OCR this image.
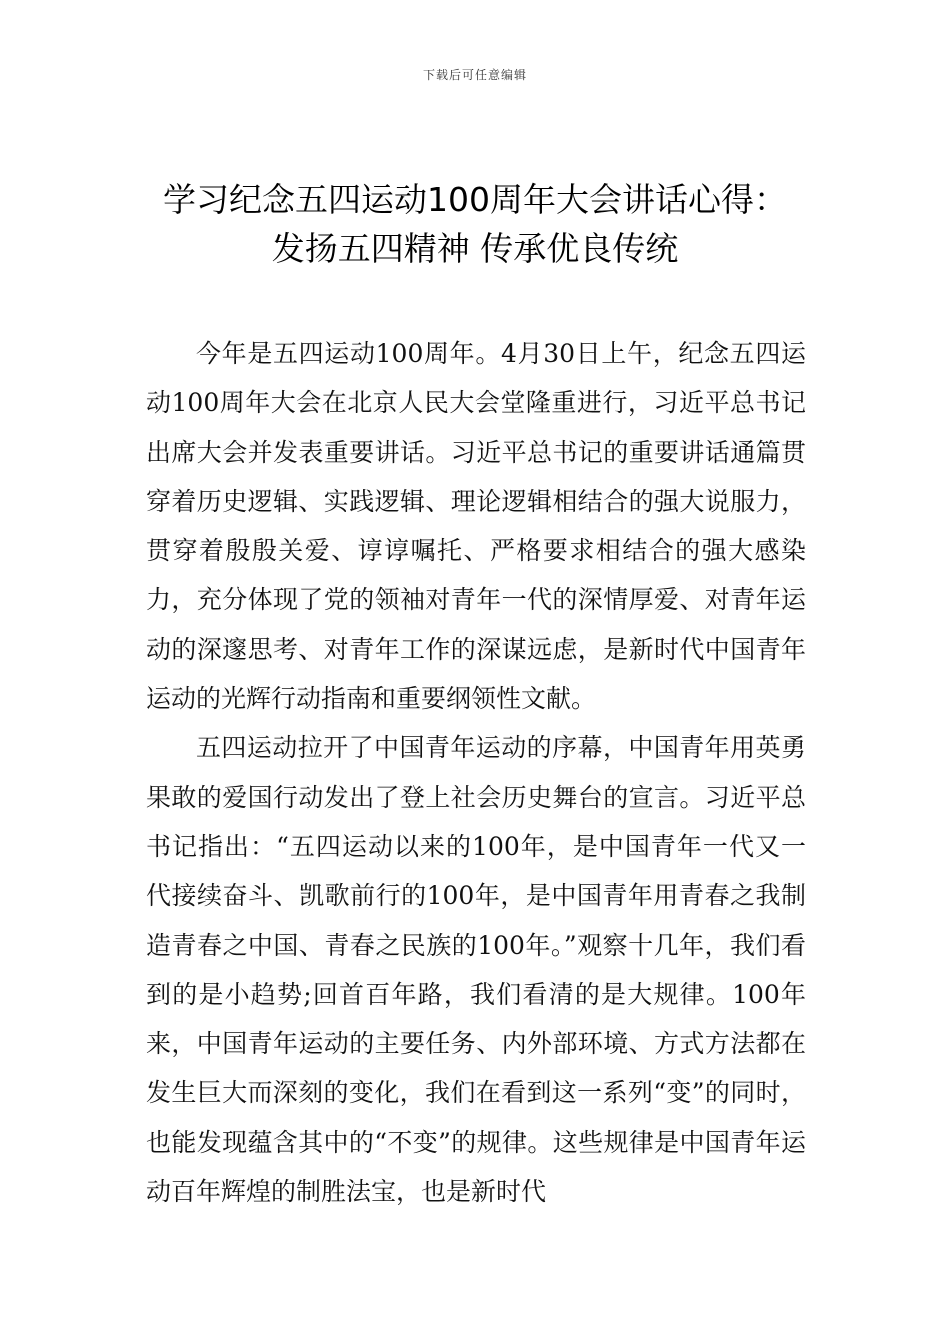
下载后可任意编辑
学习纪念五四运动100周年大会讲话心得：
发扬五四精神 传承优良传统

今年是五四运动100周年。4月30日上午，纪念五四运动100周年大会在北京人民大会堂隆重进行，习近平总书记出席大会并发表重要讲话。习近平总书记的重要讲话通篇贯穿着历史逻辑、实践逻辑、理论逻辑相结合的强大说服力，贯穿着殷殷关爱、谆谆嘱托、严格要求相结合的强大感染力，充分体现了党的领袖对青年一代的深情厚爱、对青年运动的深邃思考、对青年工作的深谋远虑，是新时代中国青年运动的光辉行动指南和重要纲领性文献。

五四运动拉开了中国青年运动的序幕，中国青年用英勇果敢的爱国行动发出了登上社会历史舞台的宣言。习近平总书记指出：“五四运动以来的100年，是中国青年一代又一代接续奋斗、凯歌前行的100年，是中国青年用青春之我制造青春之中国、青春之民族的100年。”观察十几年，我们看到的是小趋势;回首百年路，我们看清的是大规律。100年来，中国青年运动的主要任务、内外部环境、方式方法都在发生巨大而深刻的变化，我们在看到这一系列“变”的同时，也能发现蕴含其中的“不变”的规律。这些规律是中国青年运动百年辉煌的制胜法宝，也是新时代
